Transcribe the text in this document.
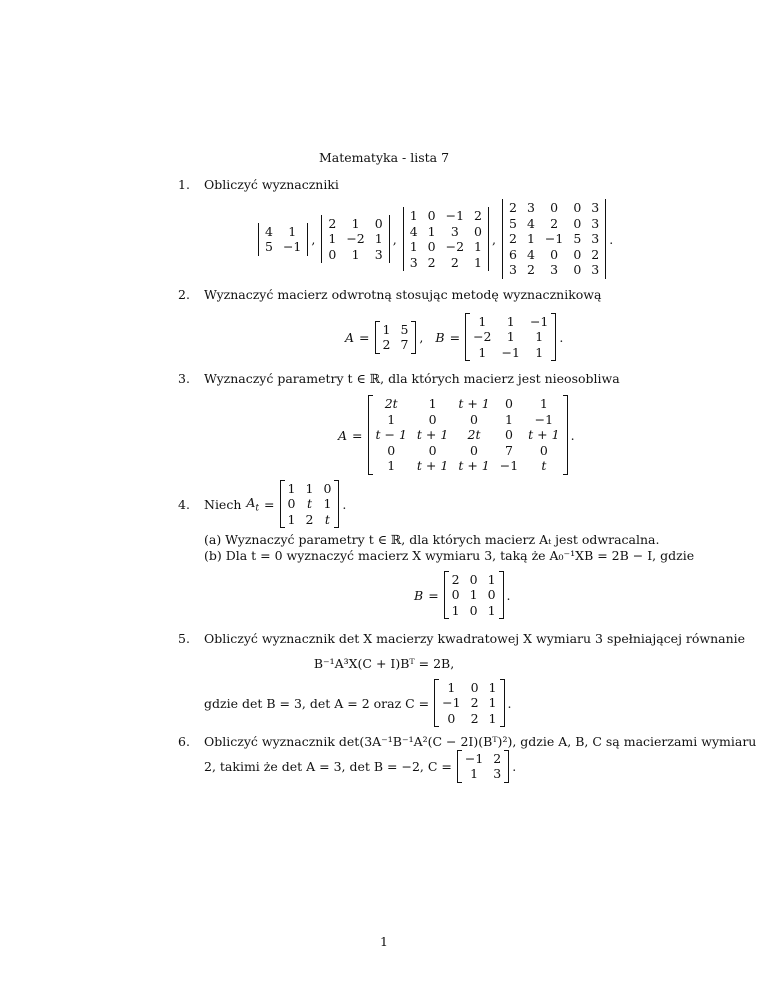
Matematyka - lista 7
1. Obliczyć wyznaczniki
4	1
5	−1 ,
2	1	0
1	−2	1
0	1	3
,
1	0	−1	2
4	1	3	0
1	0	−2	1
3	2	2	1
,
2	3	0	0	3
5	4	2	0	3
2	1	−1	5	3
6	4	0	0	2
3	2	3	0	3
.
2. Wyznaczyć macierz odwrotną stosując metodę wyznacznikową
A =
1	5
2	7 , B =
1	1	−1
−2	1	1
1	−1	1
.
3. Wyznaczyć parametry t ∈ ℝ, dla których macierz jest nieosobliwa
A =
2t	1	t + 1	0	1
1	0	0	1	−1
t − 1	t + 1	2t	0	t + 1
0	0	0	7	0
1	t + 1	t + 1	−1	t
.
4.	Niech $A_t$ =
1	1	0
0	t	1
1	2	t
.
(a) Wyznaczyć parametry t ∈ ℝ, dla których macierz Aₜ jest odwracalna.
(b) Dla t = 0 wyznaczyć macierz X wymiaru 3, taką że A₀⁻¹XB = 2B − I, gdzie
B =
2	0	1
0	1	0
1	0	1
.
5. Obliczyć wyznacznik det X macierzy kwadratowej X wymiaru 3 spełniającej równanie
B⁻¹A³X(C + I)Bᵀ = 2B,
gdzie det B = 3, det A = 2 oraz C =
1	0	1
−1	2	1
0	2	1
.
6. Obliczyć wyznacznik det(3A⁻¹B⁻¹A²(C − 2I)(Bᵀ)²), gdzie A, B, C są macierzami wymiaru
2, takimi że det A = 3, det B = −2, C =
−1	2
1	3 .
1
